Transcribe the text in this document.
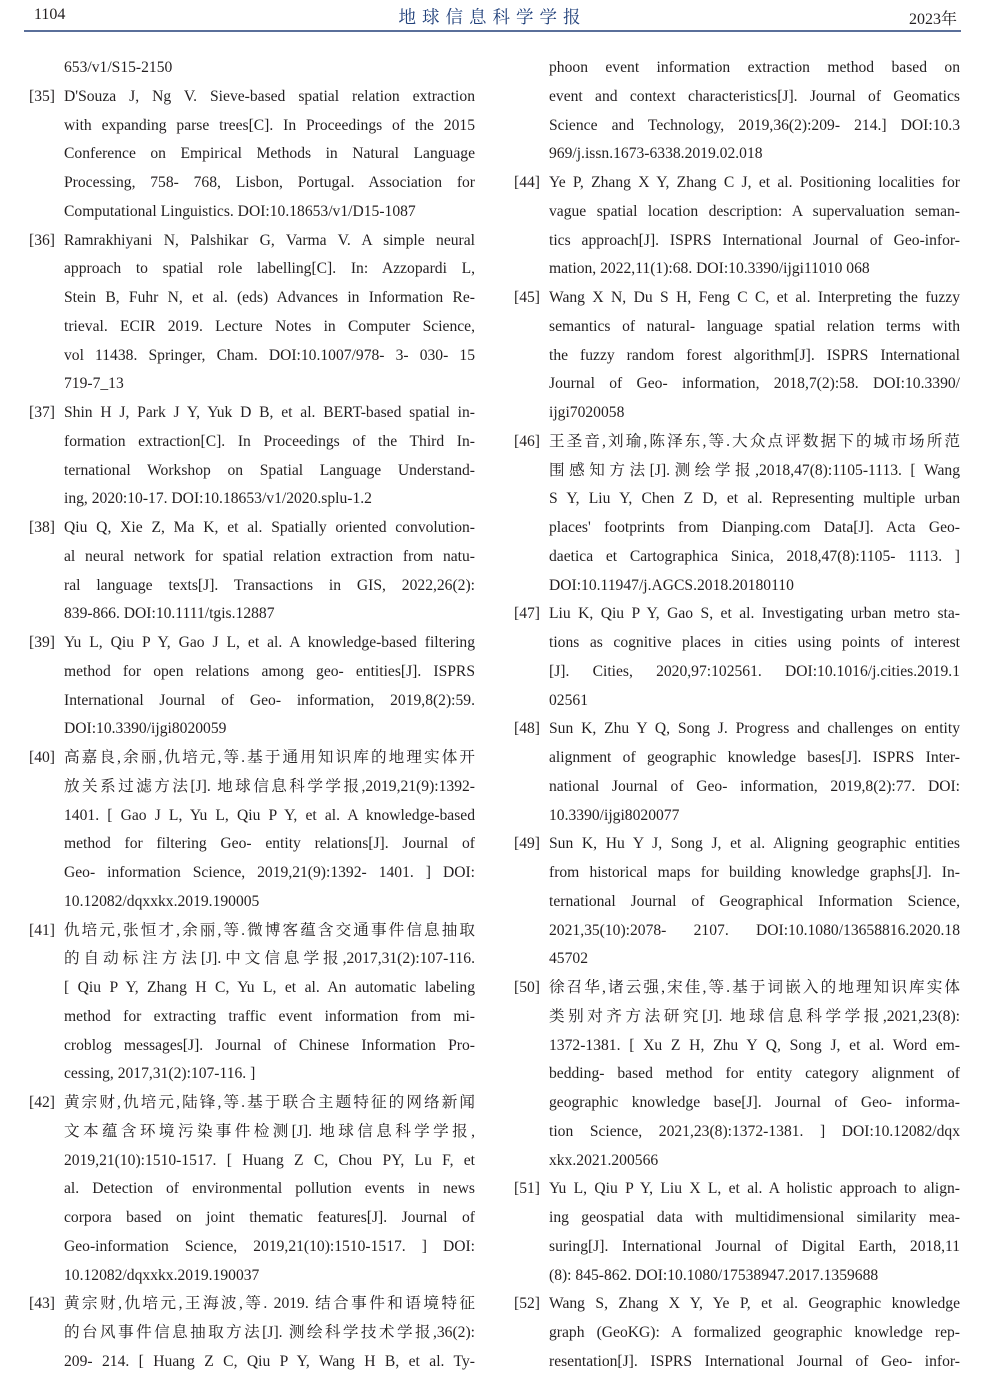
1104	地球信息科学学报	2023年
653/v1/S15-2150
[35] D'Souza J, Ng V. Sieve-based spatial relation extraction
with expanding parse trees[C]. In Proceedings of the 2015
Conference on Empirical Methods in Natural Language
Processing, 758- 768, Lisbon, Portugal. Association for
Computational Linguistics. DOI:10.18653/v1/D15-1087
[36] Ramrakhiyani N, Palshikar G, Varma V. A simple neural
approach to spatial role labelling[C]. In: Azzopardi L,
Stein B, Fuhr N, et al. (eds) Advances in Information Re-
trieval. ECIR 2019. Lecture Notes in Computer Science,
vol 11438. Springer, Cham. DOI:10.1007/978- 3- 030- 15
719-7_13
[37] Shin H J, Park J Y, Yuk D B, et al. BERT-based spatial in-
formation extraction[C]. In Proceedings of the Third In-
ternational Workshop on Spatial Language Understand-
ing, 2020:10-17. DOI:10.18653/v1/2020.splu-1.2
[38] Qiu Q, Xie Z, Ma K, et al. Spatially oriented convolution-
al neural network for spatial relation extraction from natu-
ral language texts[J]. Transactions in GIS, 2022,26(2):
839-866. DOI:10.1111/tgis.12887
[39] Yu L, Qiu P Y, Gao J L, et al. A knowledge-based filtering
method for open relations among geo- entities[J]. ISPRS
International Journal of Geo- information, 2019,8(2):59.
DOI:10.3390/ijgi8020059
[40] 高嘉良,余丽,仇培元,等.基于通用知识库的地理实体开
放关系过滤方法[J]. 地球信息科学学报,2019,21(9):1392-
1401. [ Gao J L, Yu L, Qiu P Y, et al. A knowledge-based
method for filtering Geo- entity relations[J]. Journal of
Geo- information Science, 2019,21(9):1392- 1401. ] DOI:
10.12082/dqxxkx.2019.190005
[41] 仇培元,张恒才,余丽,等.微博客蕴含交通事件信息抽取
的自动标注方法[J].中文信息学报,2017,31(2):107-116.
[ Qiu P Y, Zhang H C, Yu L, et al. An automatic labeling
method for extracting traffic event information from mi-
croblog messages[J]. Journal of Chinese Information Pro-
cessing, 2017,31(2):107-116. ]
[42] 黄宗财,仇培元,陆锋,等.基于联合主题特征的网络新闻
文本蕴含环境污染事件检测[J]. 地球信息科学学报,
2019,21(10):1510-1517. [ Huang Z C, Chou PY, Lu F, et
al. Detection of environmental pollution events in news
corpora based on joint thematic features[J]. Journal of
Geo-information Science, 2019,21(10):1510-1517. ] DOI:
10.12082/dqxxkx.2019.190037
[43] 黄宗财,仇培元,王海波,等. 2019. 结合事件和语境特征
的台风事件信息抽取方法[J]. 测绘科学技术学报,36(2):
209- 214. [ Huang Z C, Qiu P Y, Wang H B, et al. Ty-
phoon event information extraction method based on
event and context characteristics[J]. Journal of Geomatics
Science and Technology, 2019,36(2):209- 214.] DOI:10.3
969/j.issn.1673-6338.2019.02.018
[44] Ye P, Zhang X Y, Zhang C J, et al. Positioning localities for
vague spatial location description: A supervaluation seman-
tics approach[J]. ISPRS International Journal of Geo-infor-
mation, 2022,11(1):68. DOI:10.3390/ijgi11010 068
[45] Wang X N, Du S H, Feng C C, et al. Interpreting the fuzzy
semantics of natural- language spatial relation terms with
the fuzzy random forest algorithm[J]. ISPRS International
Journal of Geo- information, 2018,7(2):58. DOI:10.3390/
ijgi7020058
[46] 王圣音,刘瑜,陈泽东,等.大众点评数据下的城市场所范
围感知方法[J].测绘学报,2018,47(8):1105-1113. [ Wang
S Y, Liu Y, Chen Z D, et al. Representing multiple urban
places' footprints from Dianping.com Data[J]. Acta Geo-
daetica et Cartographica Sinica, 2018,47(8):1105- 1113. ]
DOI:10.11947/j.AGCS.2018.20180110
[47] Liu K, Qiu P Y, Gao S, et al. Investigating urban metro sta-
tions as cognitive places in cities using points of interest
[J]. Cities, 2020,97:102561. DOI:10.1016/j.cities.2019.1
02561
[48] Sun K, Zhu Y Q, Song J. Progress and challenges on entity
alignment of geographic knowledge bases[J]. ISPRS Inter-
national Journal of Geo- information, 2019,8(2):77. DOI:
10.3390/ijgi8020077
[49] Sun K, Hu Y J, Song J, et al. Aligning geographic entities
from historical maps for building knowledge graphs[J]. In-
ternational Journal of Geographical Information Science,
2021,35(10):2078- 2107. DOI:10.1080/13658816.2020.18
45702
[50] 徐召华,诸云强,宋佳,等.基于词嵌入的地理知识库实体
类别对齐方法研究[J]. 地球信息科学学报,2021,23(8):
1372-1381. [ Xu Z H, Zhu Y Q, Song J, et al. Word em-
bedding- based method for entity category alignment of
geographic knowledge base[J]. Journal of Geo- informa-
tion Science, 2021,23(8):1372-1381. ] DOI:10.12082/dqx
xkx.2021.200566
[51] Yu L, Qiu P Y, Liu X L, et al. A holistic approach to align-
ing geospatial data with multidimensional similarity mea-
suring[J]. International Journal of Digital Earth, 2018,11
(8): 845-862. DOI:10.1080/17538947.2017.1359688
[52] Wang S, Zhang X Y, Ye P, et al. Geographic knowledge
graph (GeoKG): A formalized geographic knowledge rep-
resentation[J]. ISPRS International Journal of Geo- infor-
